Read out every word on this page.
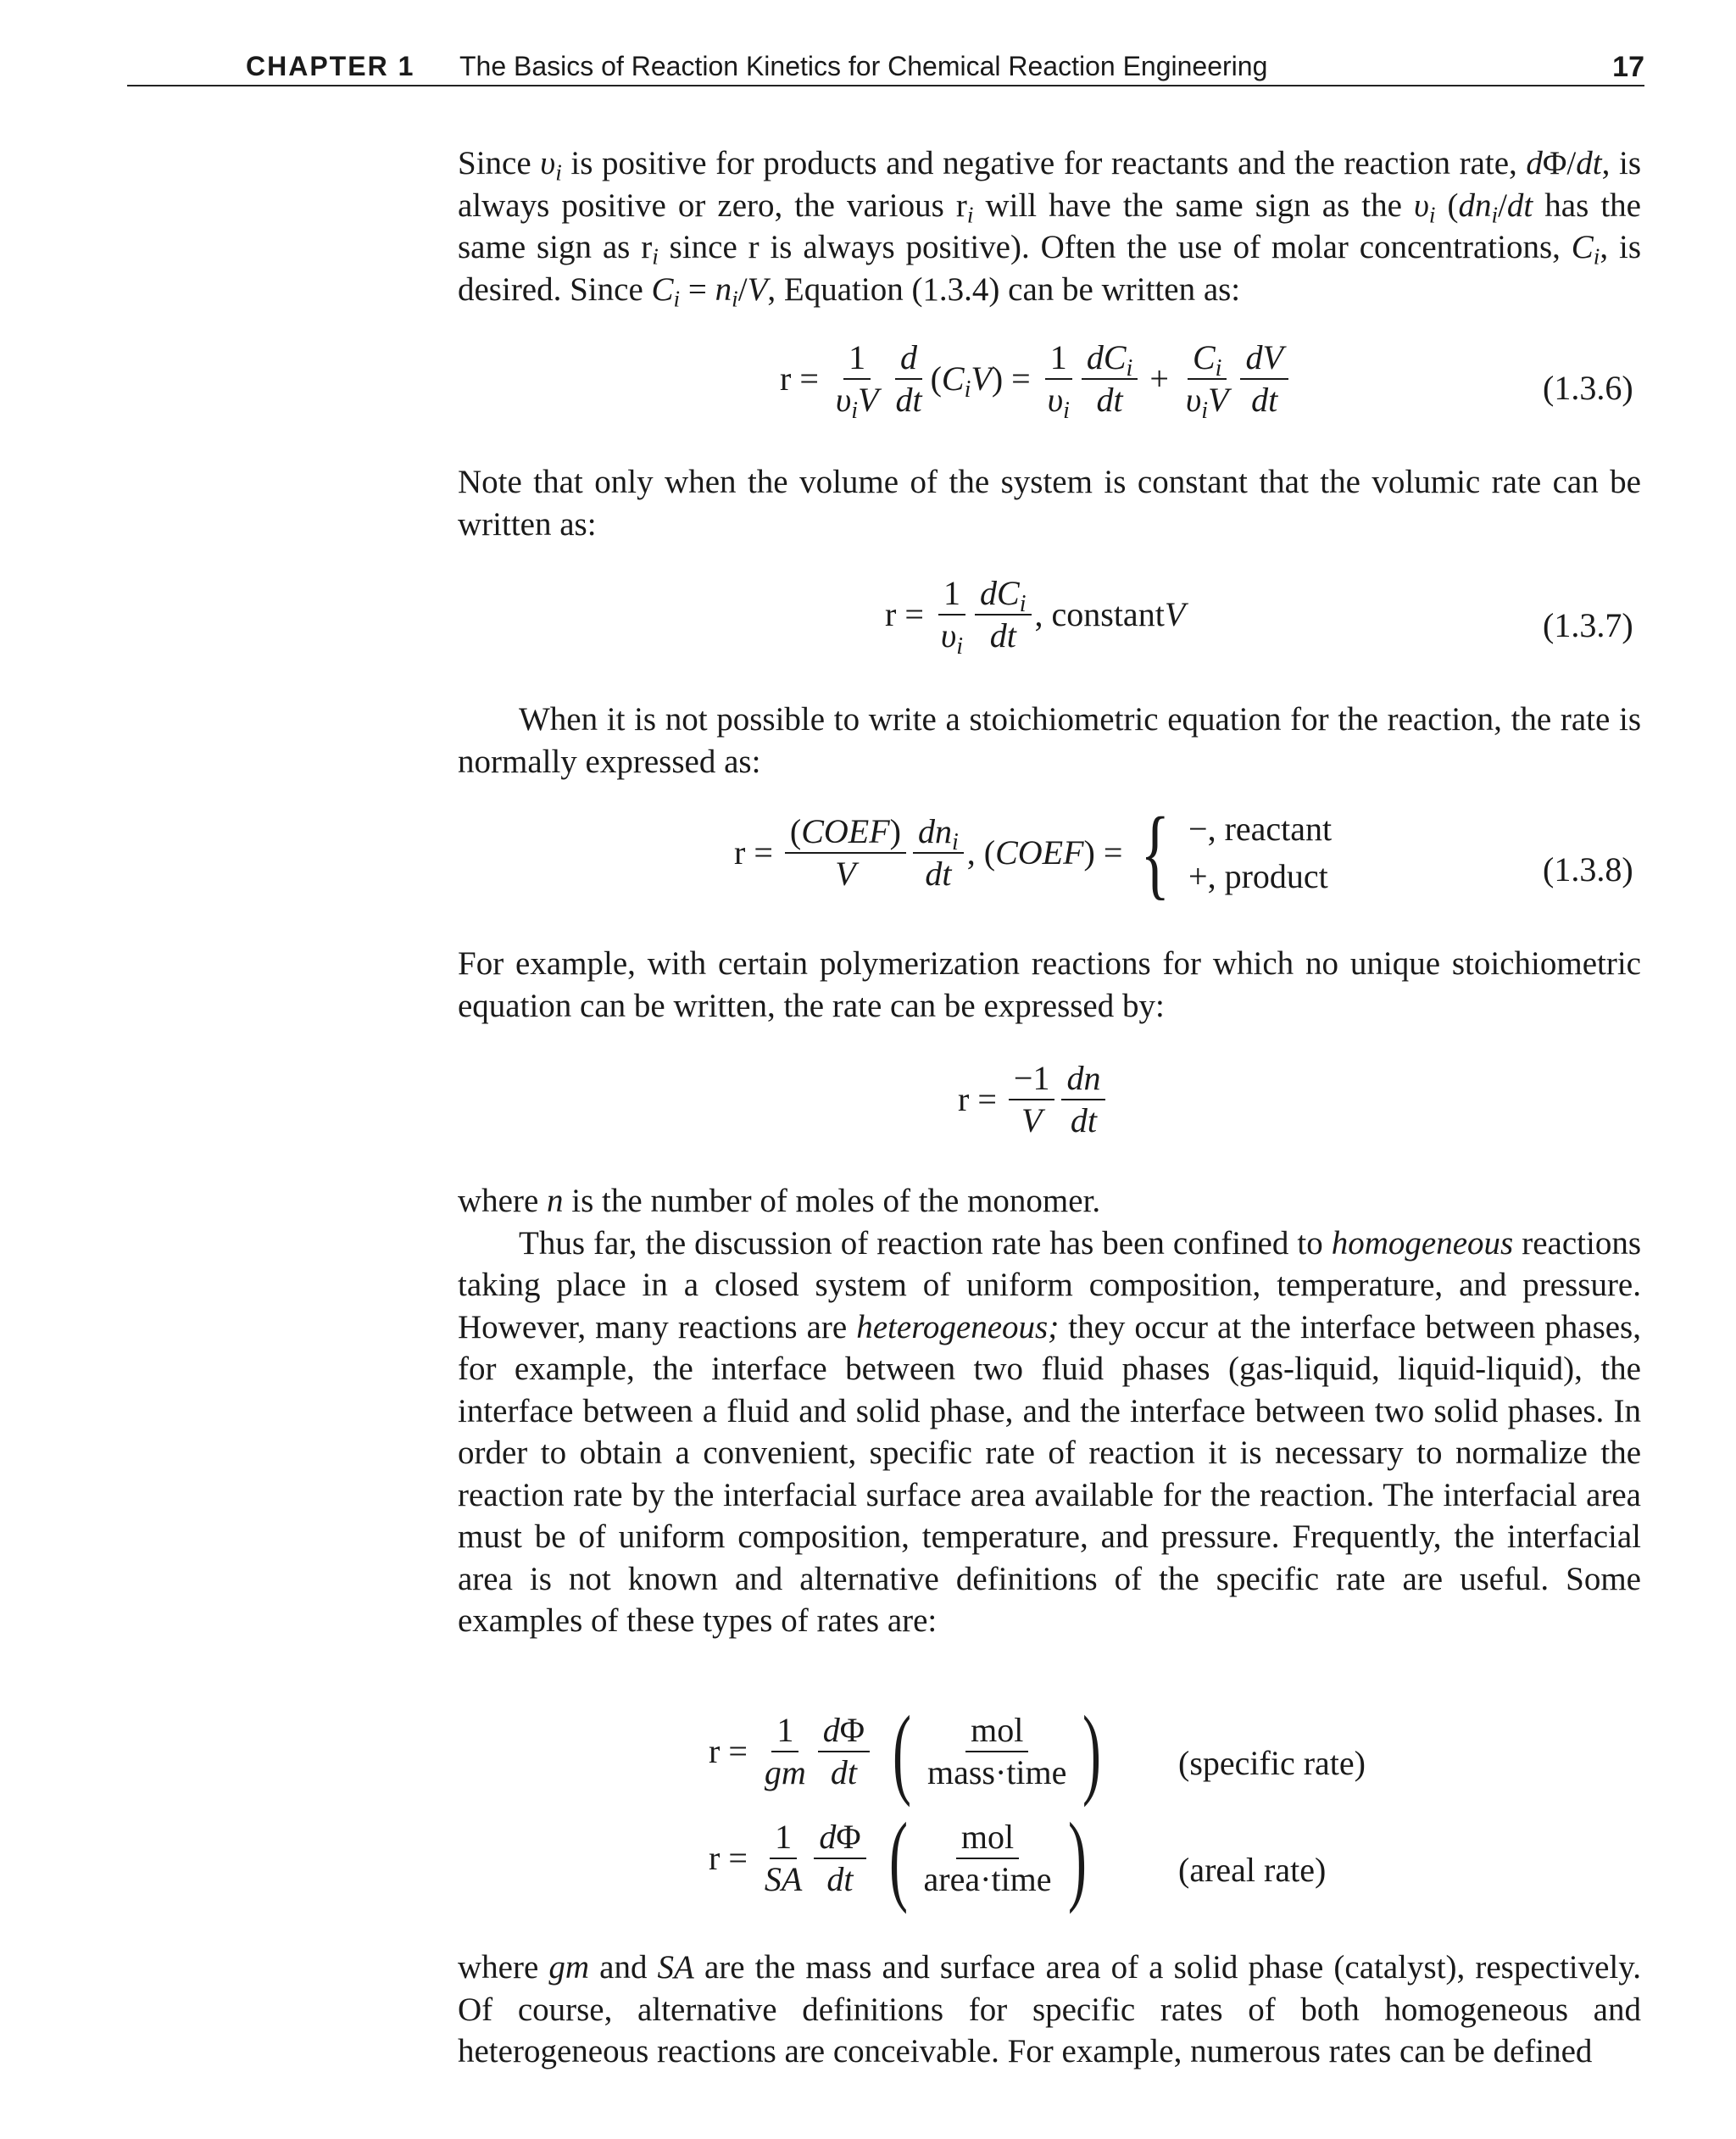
CHAPTER 1 The Basics of Reaction Kinetics for Chemical Reaction Engineering	17

Since $\upsilon_i$ is positive for products and negative for reactants and the reaction rate, dΦ/dt, is always positive or zero, the various $r_i$ will have the same sign as the $\upsilon_i$ ($dn_i/dt$ has the same sign as $r_i$ since r is always positive). Often the use of molar concentrations, $C_i$, is desired. Since $C_i = n_i/V$, Equation (1.3.4) can be written as:

$r = \frac{1}{\upsilon_iV} \frac{d}{dt} (C_iV) = \frac{1}{\upsilon_i} \frac{dC_i}{dt} + \frac{C_i}{\upsilon_iV} \frac{dV}{dt}$	(1.3.6)

Note that only when the volume of the system is constant that the volumic rate can be written as:

$r = \frac{1}{\upsilon_i} \frac{dC_i}{dt}$ , constant V	(1.3.7)

When it is not possible to write a stoichiometric equation for the reaction, the rate is normally expressed as:

$r = \frac{\text{(COEF)}}{V} \frac{dn_i}{dt}$ , (COEF) = { −, reactant
+, product	(1.3.8)

For example, with certain polymerization reactions for which no unique stoichiometric equation can be written, the rate can be expressed by:

$r = \frac{-1}{V} \frac{dn}{dt}$

where n is the number of moles of the monomer.

Thus far, the discussion of reaction rate has been confined to homogeneous reactions taking place in a closed system of uniform composition, temperature, and pressure. However, many reactions are heterogeneous; they occur at the interface between phases, for example, the interface between two fluid phases (gas-liquid, liquid-liquid), the interface between a fluid and solid phase, and the interface between two solid phases. In order to obtain a convenient, specific rate of reaction it is necessary to normalize the reaction rate by the interfacial surface area available for the reaction. The interfacial area must be of uniform composition, temperature, and pressure. Frequently, the interfacial area is not known and alternative definitions of the specific rate are useful. Some examples of these types of rates are:

$r = \frac{1}{gm} \frac{d\Phi}{dt}$ ( $\frac{\text{mol}}{\text{mass·time}}$ ) (specific rate)
$r = \frac{1}{SA} \frac{d\Phi}{dt}$ ( $\frac{\text{mol}}{\text{area·time}}$ )	(areal rate)

where gm and SA are the mass and surface area of a solid phase (catalyst), respectively. Of course, alternative definitions for specific rates of both homogeneous and heterogeneous reactions are conceivable. For example, numerous rates can be defined
